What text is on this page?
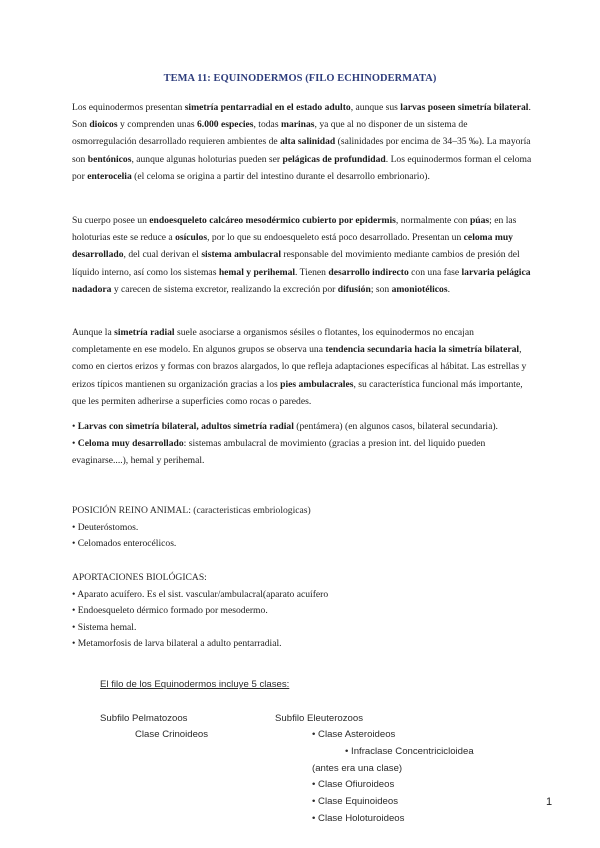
TEMA 11: EQUINODERMOS (FILO ECHINODERMATA)

Los equinodermos presentan simetría pentarradial en el estado adulto, aunque sus larvas poseen simetría bilateral. Son dioicos y comprenden unas 6.000 especies, todas marinas, ya que al no disponer de un sistema de osmorregulación desarrollado requieren ambientes de alta salinidad (salinidades por encima de 34–35 ‰). La mayoría son bentónicos, aunque algunas holoturias pueden ser pelágicas de profundidad. Los equinodermos forman el celoma por enterocelia (el celoma se origina a partir del intestino durante el desarrollo embrionario).

Su cuerpo posee un endoesqueleto calcáreo mesodérmico cubierto por epidermis, normalmente con púas; en las holoturias este se reduce a osículos, por lo que su endoesqueleto está poco desarrollado. Presentan un celoma muy desarrollado, del cual derivan el sistema ambulacral responsable del movimiento mediante cambios de presión del líquido interno, así como los sistemas hemal y perihemal. Tienen desarrollo indirecto con una fase larvaria pelágica nadadora y carecen de sistema excretor, realizando la excreción por difusión; son amoniotélicos.

Aunque la simetría radial suele asociarse a organismos sésiles o flotantes, los equinodermos no encajan completamente en ese modelo. En algunos grupos se observa una tendencia secundaria hacia la simetría bilateral, como en ciertos erizos y formas con brazos alargados, lo que refleja adaptaciones específicas al hábitat. Las estrellas y erizos típicos mantienen su organización gracias a los pies ambulacrales, su característica funcional más importante, que les permiten adherirse a superficies como rocas o paredes.

• Larvas con simetría bilateral, adultos simetría radial (pentámera) (en algunos casos, bilateral secundaria).
• Celoma muy desarrollado: sistemas ambulacral de movimiento (gracias a presion int. del liquido pueden evaginarse....), hemal y perihemal.
POSICIÓN REINO ANIMAL: (caracteristicas embriologicas)
• Deuteróstomos.
• Celomados enterocélicos.
APORTACIONES BIOLÓGICAS:
• Aparato acuífero. Es el sist. vascular/ambulacral(aparato acuífero
• Endoesqueleto dérmico formado por mesodermo.
• Sistema hemal.
• Metamorfosis de larva bilateral a adulto pentarradial.
El filo de los Equinodermos incluye 5 clases:
Subfilo Pelmatozoos
Clase Crinoideos
Subfilo Eleuterozoos
• Clase Asteroideos
• Infraclase Concentricicloidea
(antes era una clase)
• Clase Ofiuroideos
• Clase Equinoideos
• Clase Holoturoideos
1
